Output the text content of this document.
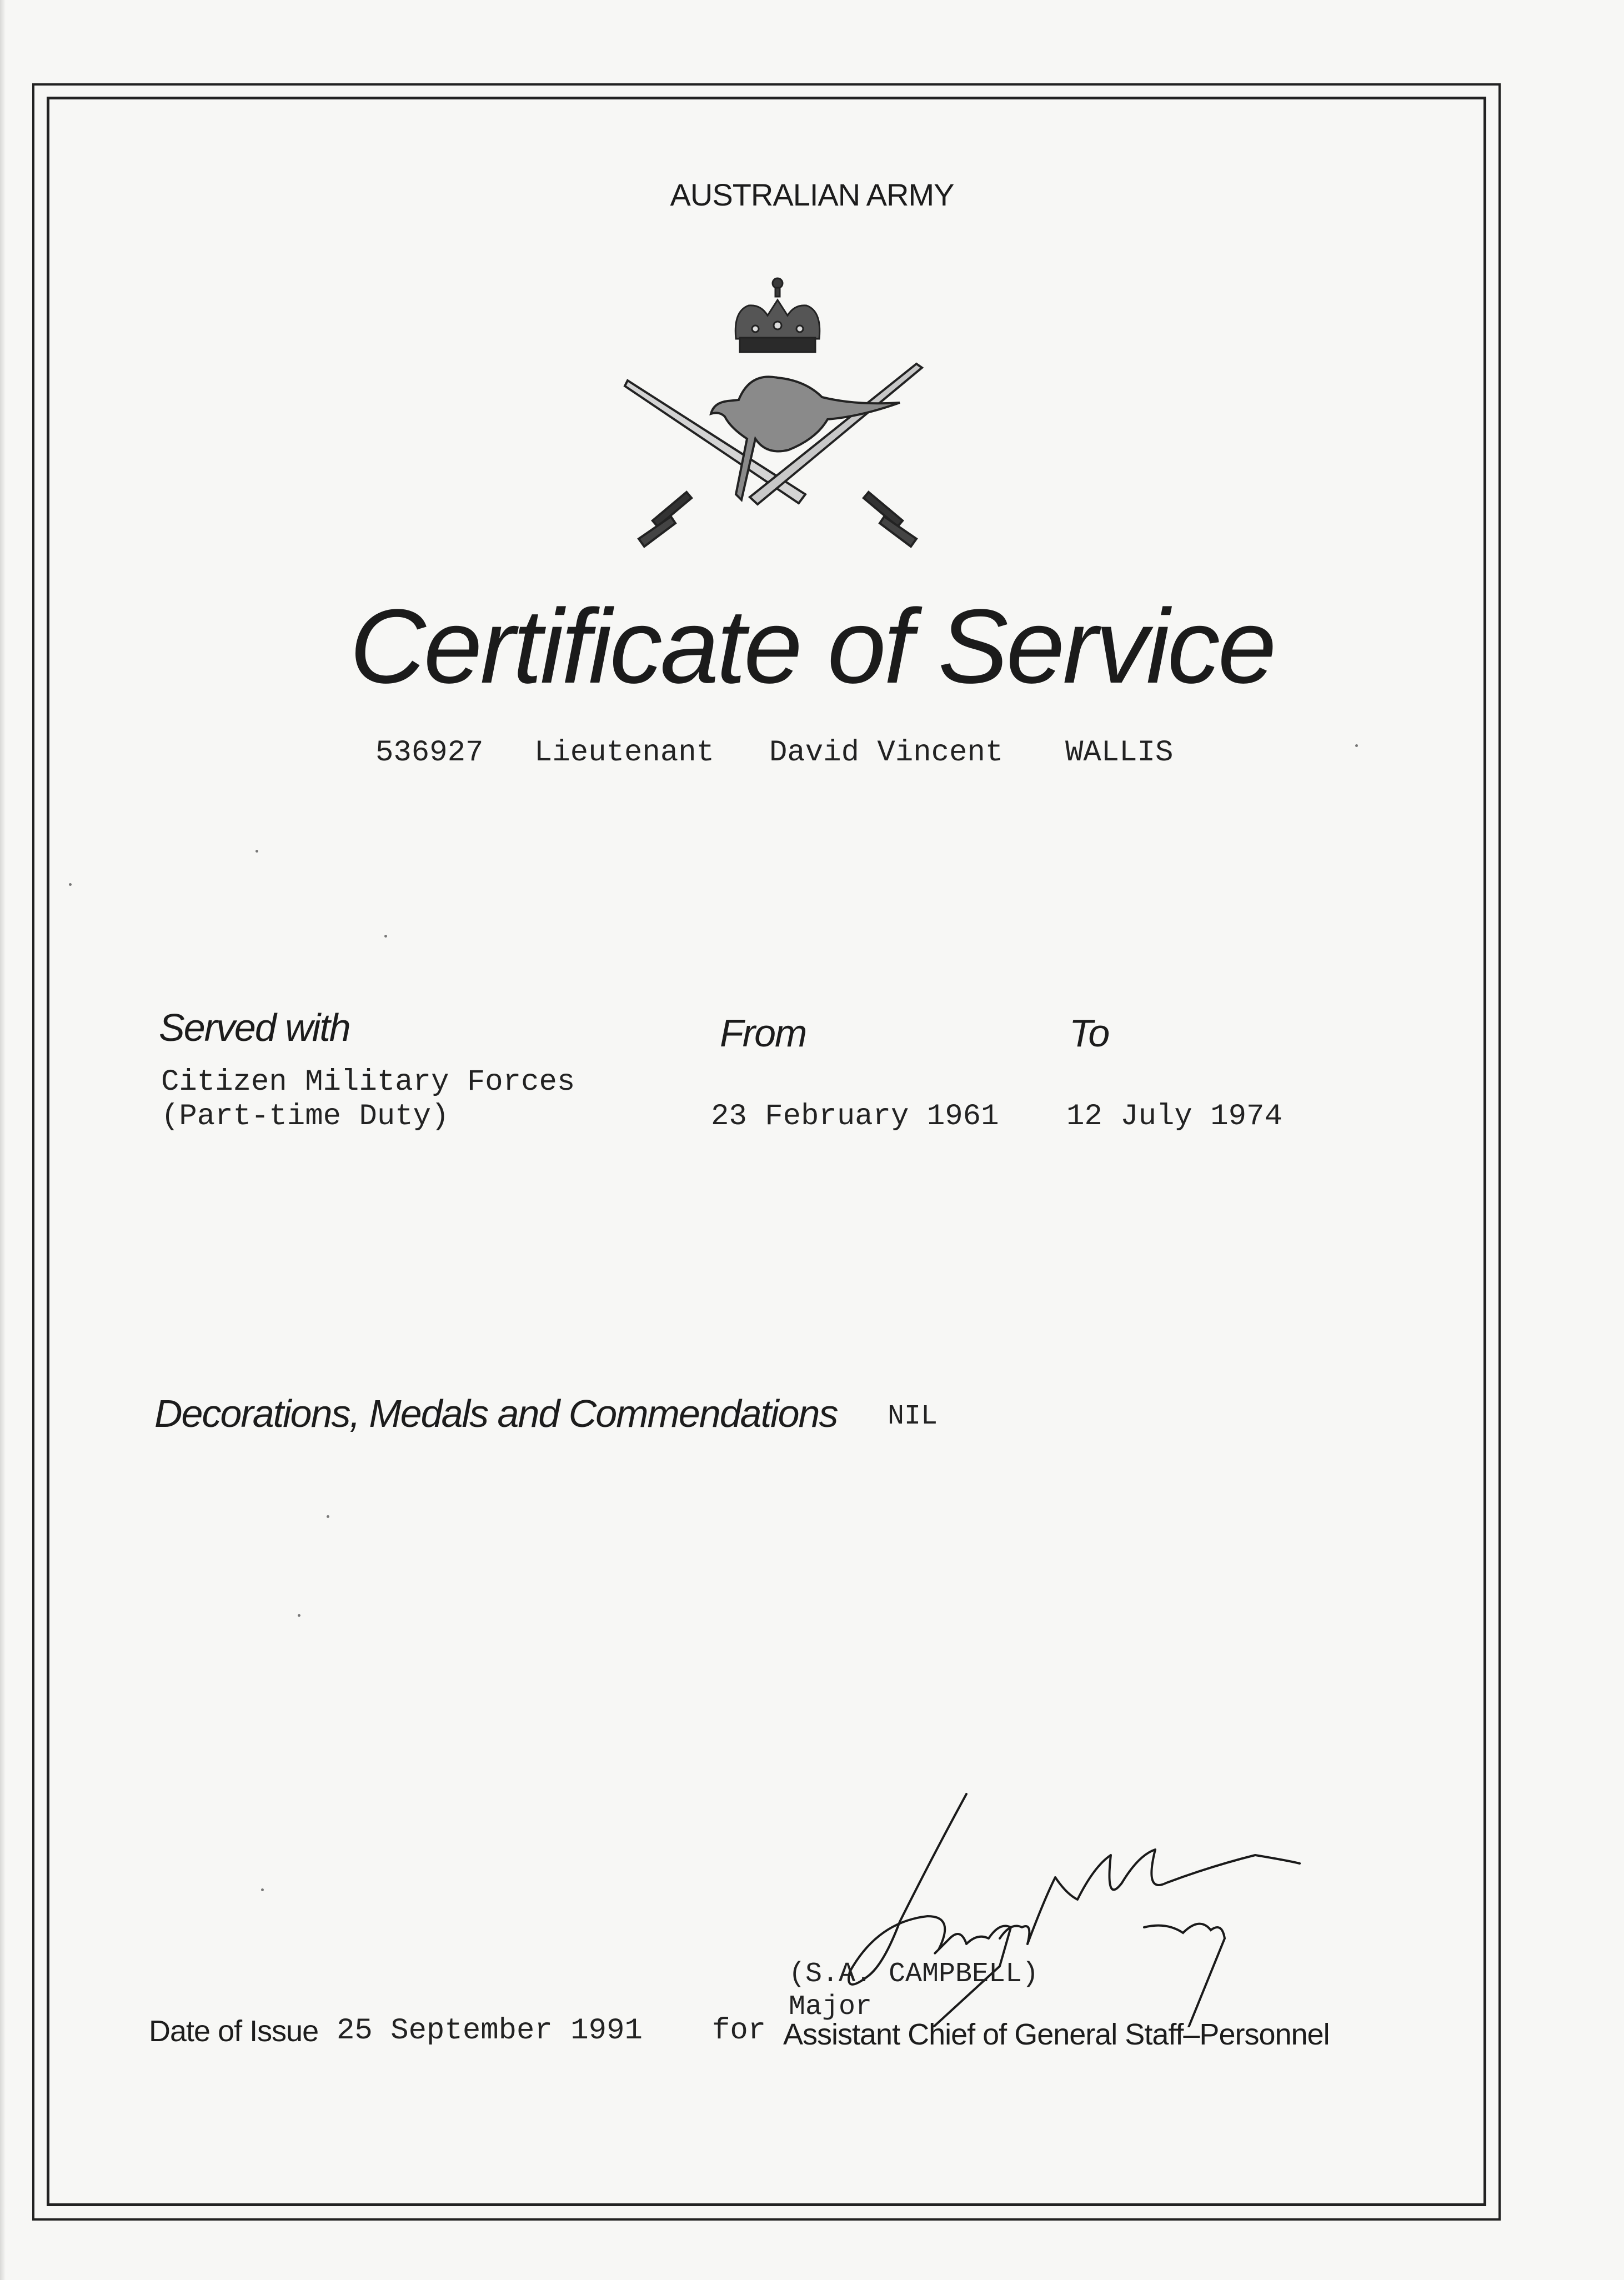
AUSTRALIAN ARMY
Certificate of Service
536927 Lieutenant David Vincent WALLIS
Served with	From	To
Citizen Military Forces
(Part-time Duty)	23 February 1961 12 July 1974
Decorations, Medals and Commendations NIL
(S.A. CAMPBELL)
Major
Date of Issue 25 September 1991 for Assistant Chief of General Staff–Personnel
